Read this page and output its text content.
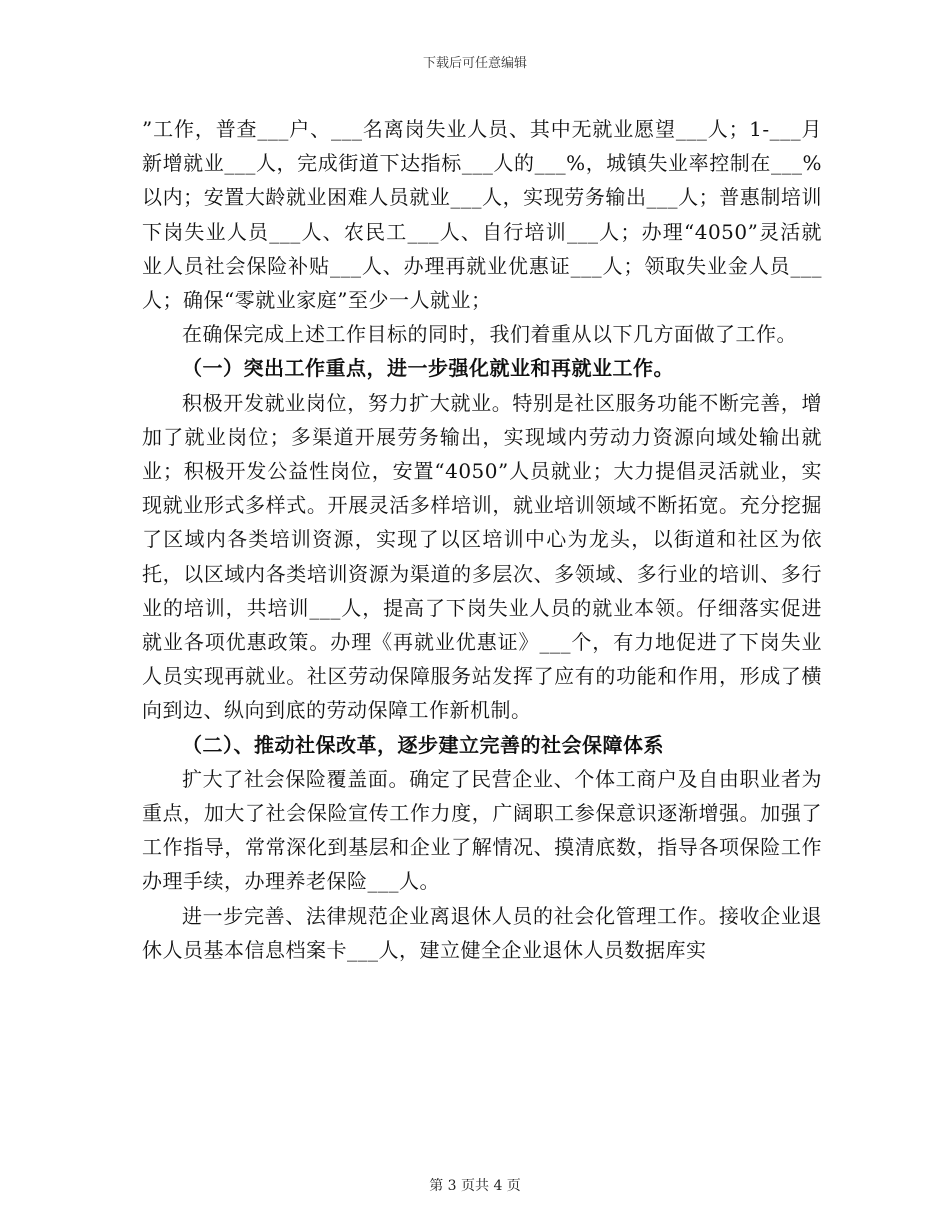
下载后可任意编辑

”工作，普查___户、___名离岗失业人员、其中无就业愿望___人；1-___月新增就业___人，完成街道下达指标___人的___%，城镇失业率控制在___%以内；安置大龄就业困难人员就业___人，实现劳务输出___人；普惠制培训下岗失业人员___人、农民工___人、自行培训___人；办理“4050”灵活就业人员社会保险补贴___人、办理再就业优惠证___人；领取失业金人员___人；确保“零就业家庭”至少一人就业；

在确保完成上述工作目标的同时，我们着重从以下几方面做了工作。

（一）突出工作重点，进一步强化就业和再就业工作。

积极开发就业岗位，努力扩大就业。特别是社区服务功能不断完善，增加了就业岗位；多渠道开展劳务输出，实现域内劳动力资源向域处输出就业；积极开发公益性岗位，安置“4050”人员就业；大力提倡灵活就业，实现就业形式多样式。开展灵活多样培训，就业培训领域不断拓宽。充分挖掘了区域内各类培训资源，实现了以区培训中心为龙头，以街道和社区为依托，以区域内各类培训资源为渠道的多层次、多领域、多行业的培训、多行业的培训，共培训___人，提高了下岗失业人员的就业本领。仔细落实促进就业各项优惠政策。办理《再就业优惠证》___个，有力地促进了下岗失业人员实现再就业。社区劳动保障服务站发挥了应有的功能和作用，形成了横向到边、纵向到底的劳动保障工作新机制。

（二）、推动社保改革，逐步建立完善的社会保障体系

扩大了社会保险覆盖面。确定了民营企业、个体工商户及自由职业者为重点，加大了社会保险宣传工作力度，广阔职工参保意识逐渐增强。加强了工作指导，常常深化到基层和企业了解情况、摸清底数，指导各项保险工作办理手续，办理养老保险___人。

进一步完善、法律规范企业离退休人员的社会化管理工作。接收企业退休人员基本信息档案卡___人，建立健全企业退休人员数据库实

第 3 页共 4 页
